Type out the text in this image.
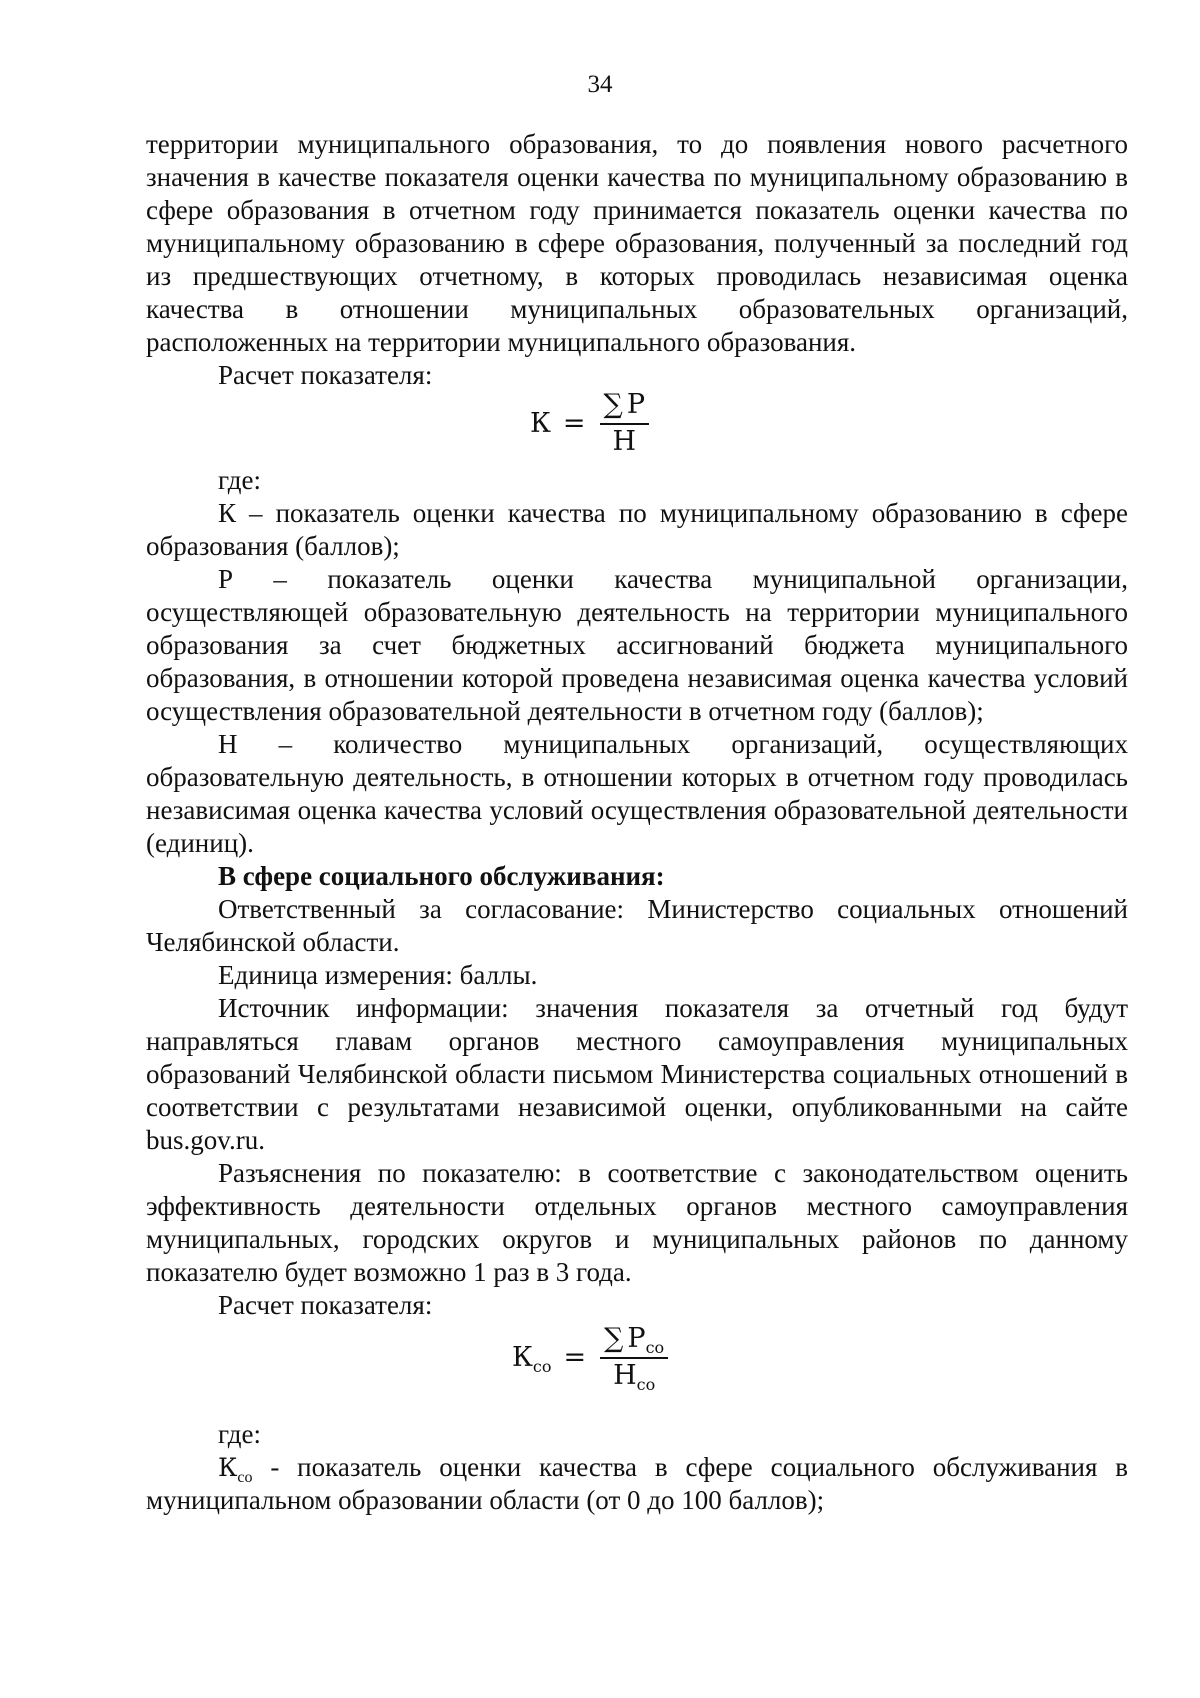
34

территории муниципального образования, то до появления нового расчетного значения в качестве показателя оценки качества по муниципальному образованию в сфере образования в отчетном году принимается показатель оценки качества по муниципальному образованию в сфере образования, полученный за последний год из предшествующих отчетному, в которых проводилась независимая оценка качества в отношении муниципальных образовательных организаций, расположенных на территории муниципального образования.

Расчет показателя:

$К = \frac{\sum Р}{Н}$

где:

К – показатель оценки качества по муниципальному образованию в сфере образования (баллов);

Р – показатель оценки качества муниципальной организации, осуществляющей образовательную деятельность на территории муниципального образования за счет бюджетных ассигнований бюджета муниципального образования, в отношении которой проведена независимая оценка качества условий осуществления образовательной деятельности в отчетном году (баллов);

Н – количество муниципальных организаций, осуществляющих образовательную деятельность, в отношении которых в отчетном году проводилась независимая оценка качества условий осуществления образовательной деятельности (единиц).

В сфере социального обслуживания:

Ответственный за согласование: Министерство социальных отношений Челябинской области.

Единица измерения: баллы.

Источник информации: значения показателя за отчетный год будут направляться главам органов местного самоуправления муниципальных образований Челябинской области письмом Министерства социальных отношений в соответствии с результатами независимой оценки, опубликованными на сайте bus.gov.ru.

Разъяснения по показателю: в соответствие с законодательством оценить эффективность деятельности отдельных органов местного самоуправления муниципальных, городских округов и муниципальных районов по данному показателю будет возможно 1 раз в 3 года.

Расчет показателя:

$К_{со} = \frac{\sum Р_{со}}{Н_{со}}$

где:

$К_{со}$ - показатель оценки качества в сфере социального обслуживания в муниципальном образовании области (от 0 до 100 баллов);
